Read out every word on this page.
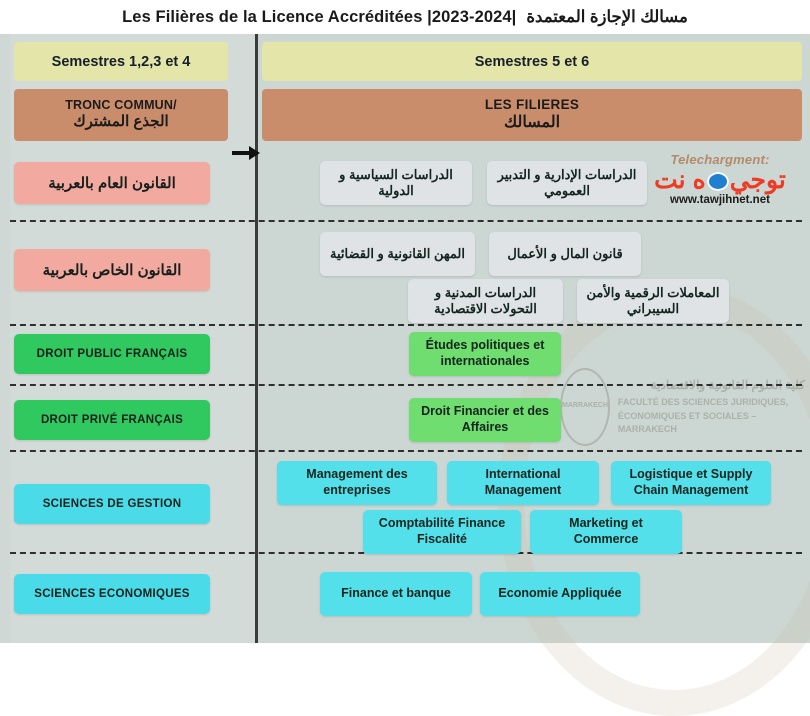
Les Filières de la Licence Accréditées |2023-2024| مسالك الإجازة المعتمدة
MARRAKECH
كلية العلوم القانونية والاقتصادية
FACULTÉ DES SCIENCES JURIDIQUES, ÉCONOMIQUES ET SOCIALES – MARRAKECH
Telechargment:
توجيه نت
www.tawjihnet.net
Semestres 1,2,3 et 4	Semestres 5 et 6
TRONC COMMUN/
الجذع المشترك
LES FILIERES
المسالك
القانون العام بالعربية
القانون الخاص بالعربية
DROIT PUBLIC FRANÇAIS
DROIT PRIVÉ FRANÇAIS
SCIENCES DE GESTION
SCIENCES ECONOMIQUES
الدراسات السياسية و الدولية
الدراسات الإدارية و التدبير العمومي
المهن القانونية و القضائية	قانون المال و الأعمال
الدراسات المدنية و التحولات الاقتصادية
المعاملات الرقمية والأمن السيبراني
Études politiques et internationales
Droit Financier et des Affaires
Management des entreprises
International Management
Logistique et Supply Chain Management
Comptabilité Finance Fiscalité
Marketing et Commerce
Finance et banque	Economie Appliquée
